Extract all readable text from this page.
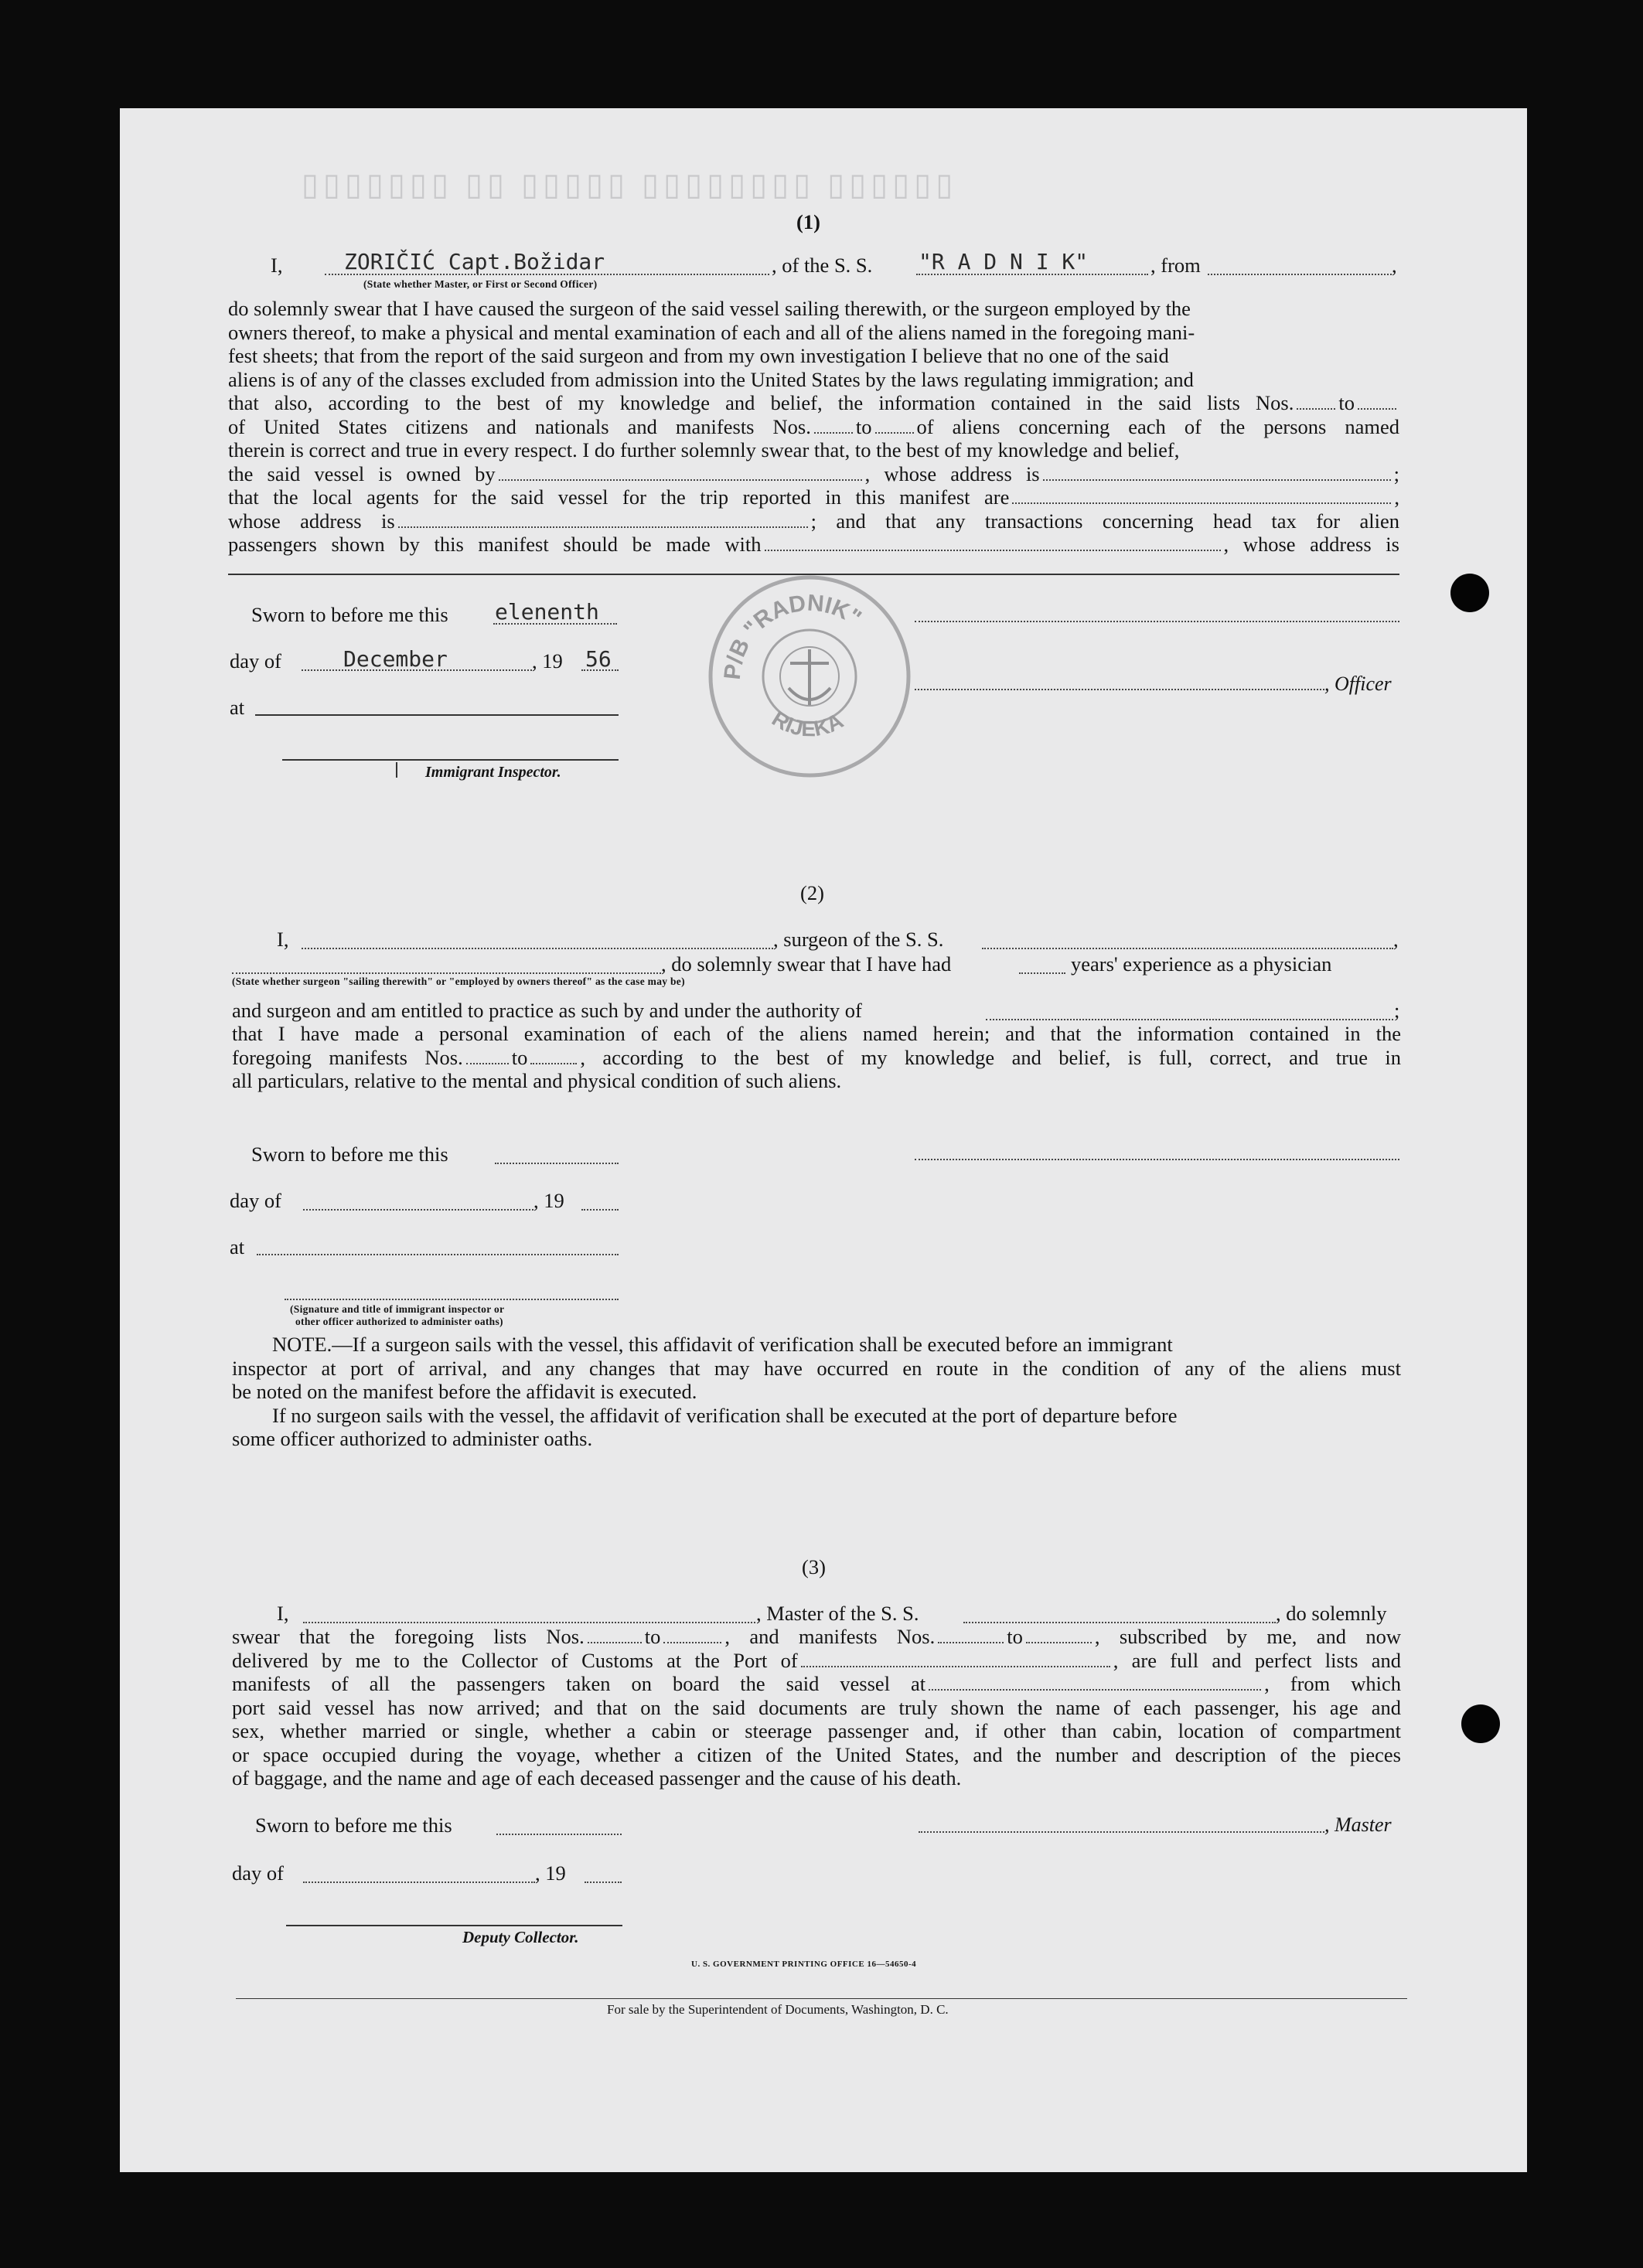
▯▯▯▯▯▯▯ ▯▯ ▯▯▯▯▯ ▯▯▯▯▯▯▯▯ ▯▯▯▯▯▯

(1)

I,	ZORIČIĆ Capt.Božidar	, of the S. S. "R A D N I K"	, from	,

(State whether Master, or First or Second Officer)

do solemnly swear that I have caused the surgeon of the said vessel sailing therewith, or the surgeon employed by the
owners thereof, to make a physical and mental examination of each and all of the aliens named in the foregoing mani-
fest sheets; that from the report of the said surgeon and from my own investigation I believe that no one of the said
aliens is of any of the classes excluded from admission into the United States by the laws regulating immigration; and
that also, according to the best of my knowledge and belief, the information contained in the said lists Nos. to
of United States citizens and nationals and manifests Nos. to of aliens concerning each of the persons named
therein is correct and true in every respect. I do further solemnly swear that, to the best of my knowledge and belief,
the said vessel is owned by	, whose address is	;
that the local agents for the said vessel for the trip reported in this manifest are	,
whose address is	; and that any transactions concerning head tax for alien
passengers shown by this manifest should be made with	, whose address is

Sworn to before me this elenenth

day of	December	, 19 56

at

Immigrant Inspector.

P/B "RADNIK"
RIJEKA

, Officer

(2)

I,	, surgeon of the S. S.	,

, do solemnly swear that I have had	years' experience as a physician

(State whether surgeon "sailing therewith" or "employed by owners thereof" as the case may be)

and surgeon and am entitled to practice as such by and under the authority of	;

that I have made a personal examination of each of the aliens named herein; and that the information contained in the
foregoing manifests Nos. to	, according to the best of my knowledge and belief, is full, correct, and true in
all particulars, relative to the mental and physical condition of such aliens.

Sworn to before me this

day of	, 19

at

(Signature and title of immigrant inspector or

other officer authorized to administer oaths)

NOTE.—If a surgeon sails with the vessel, this affidavit of verification shall be executed before an immigrant
inspector at port of arrival, and any changes that may have occurred en route in the condition of any of the aliens must
be noted on the manifest before the affidavit is executed.
If no surgeon sails with the vessel, the affidavit of verification shall be executed at the port of departure before
some officer authorized to administer oaths.

(3)

I,	, Master of the S. S.	, do solemnly

swear that the foregoing lists Nos.	to	, and manifests Nos.	to	, subscribed by me, and now
delivered by me to the Collector of Customs at the Port of	, are full and perfect lists and
manifests of all the passengers taken on board the said vessel at	, from which
port said vessel has now arrived; and that on the said documents are truly shown the name of each passenger, his age and
sex, whether married or single, whether a cabin or steerage passenger and, if other than cabin, location of compartment
or space occupied during the voyage, whether a citizen of the United States, and the number and description of the pieces
of baggage, and the name and age of each deceased passenger and the cause of his death.

Sworn to before me this	, Master

day of	, 19

Deputy Collector.

U. S. GOVERNMENT PRINTING OFFICE 16—54650-4

For sale by the Superintendent of Documents, Washington, D. C.
